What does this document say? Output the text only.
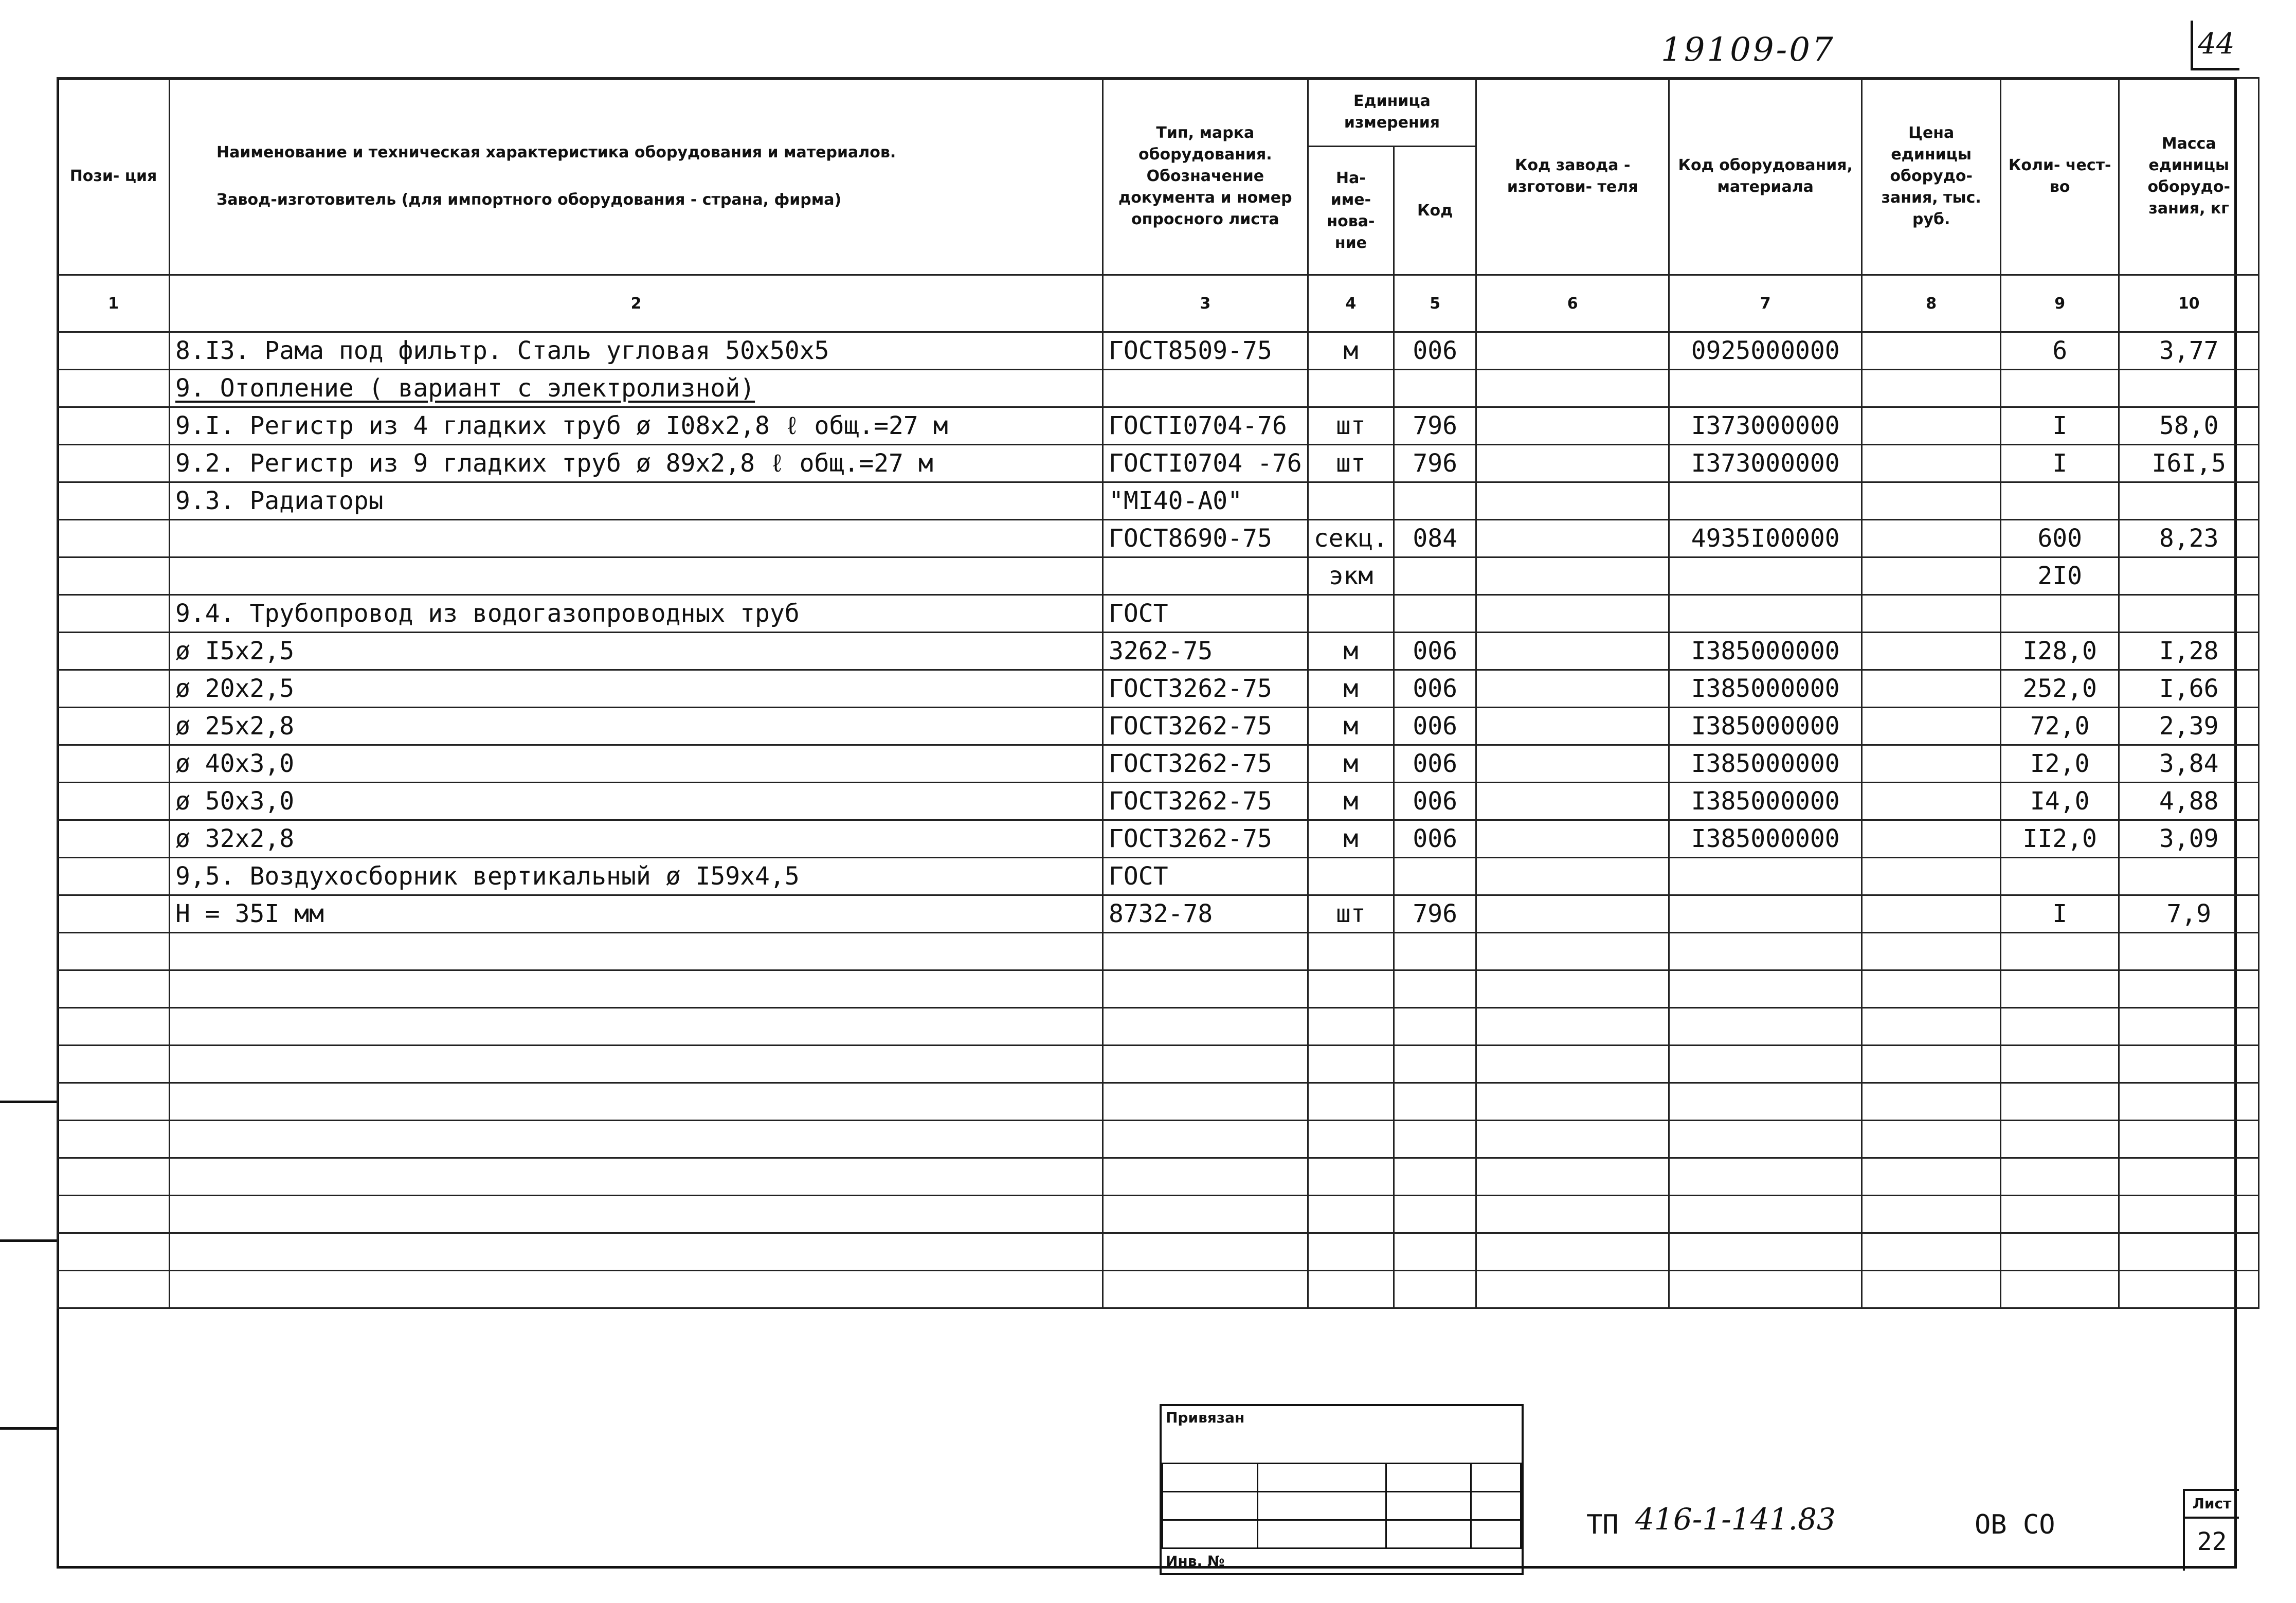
19109-07	44
Пози- ция	Наименование и техническая характеристика оборудования и материалов.
Завод-изготовитель (для импортного оборудования - страна, фирма)	Тип, марка оборудования. Обозначение документа и номер опросного листа	Единица измерения		Код завода - изготови- теля	Код оборудования, материала	Цена единицы оборудо- зания, тыс. руб.	Коли- чест- во	Масса единицы оборудо- зания, кг
			На- име- нова- ние	Код					
1	2	3	4	5	6	7	8	9	10
	8.I3. Рама под фильтр. Сталь угловая 50х50х5	ГОСТ8509-75	м	006		0925000000		6	3,77
	9. Отопление ( вариант с электролизной)								
	9.I. Регистр из 4 гладких труб ø I08х2,8 ℓ общ.=27 м	ГОСТI0704-76	шт	796		I373000000		I	58,0
	9.2. Регистр из 9 гладких труб ø 89х2,8 ℓ общ.=27 м	ГОСТI0704 -76	шт	796		I373000000		I	I6I,5
	9.3. Радиаторы	"MI40-A0"							
		ГОСТ8690-75	секц.	084		4935I00000		600	8,23
			экм					2I0	
	9.4. Трубопровод из водогазопроводных труб	ГОСТ							
	ø I5х2,5	3262-75	м	006		I385000000		I28,0	I,28
	ø 20х2,5	ГОСТ3262-75	м	006		I385000000		252,0	I,66
	ø 25х2,8	ГОСТ3262-75	м	006		I385000000		72,0	2,39
	ø 40х3,0	ГОСТ3262-75	м	006		I385000000		I2,0	3,84
	ø 50х3,0	ГОСТ3262-75	м	006		I385000000		I4,0	4,88
	ø 32х2,8	ГОСТ3262-75	м	006		I385000000		II2,0	3,09
	9,5. Воздухосборник вертикальный ø I59х4,5	ГОСТ							
	Н = 35I мм	8732-78	шт	796				I	7,9

Привязан

Инв. №
ТП 416-1-141.83	ОВ СО
Лист
22
